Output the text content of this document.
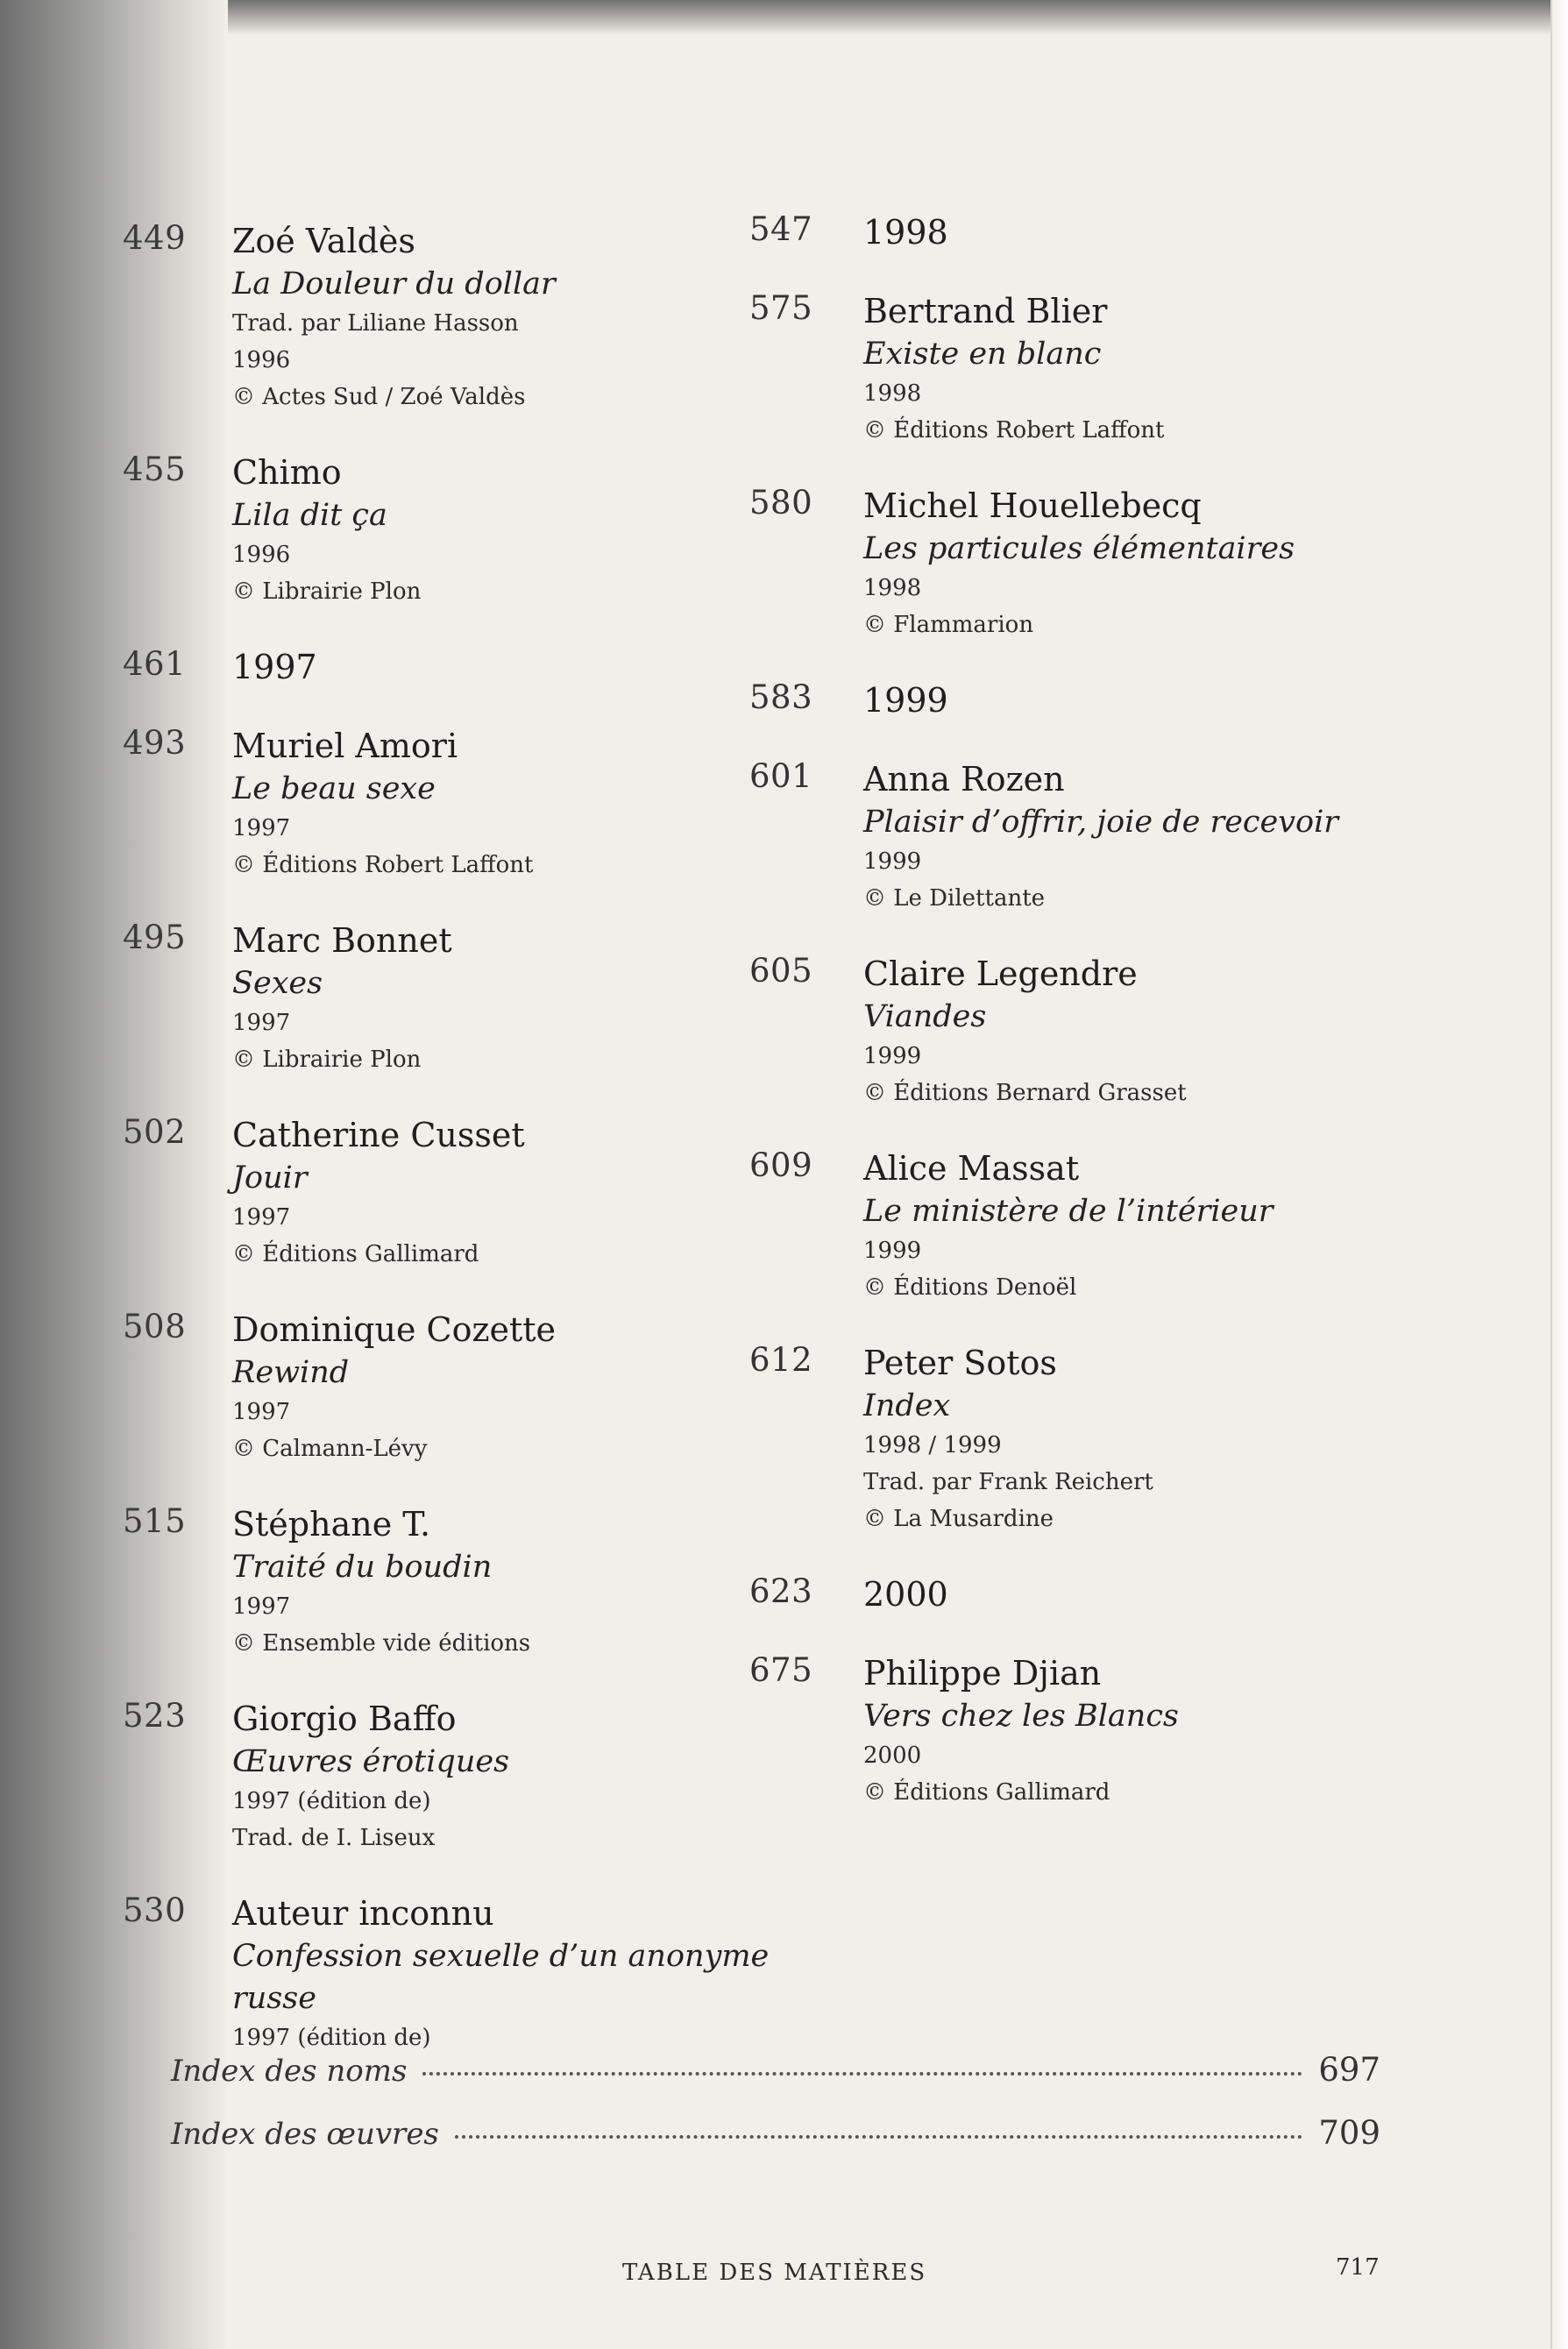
449	Zoé Valdès
La Douleur du dollar
Trad. par Liliane Hasson
1996
© Actes Sud / Zoé Valdès
455	Chimo
Lila dit ça
1996
© Librairie Plon
461	1997
493	Muriel Amori
Le beau sexe
1997
© Éditions Robert Laffont
495	Marc Bonnet
Sexes
1997
© Librairie Plon
502	Catherine Cusset
Jouir
1997
© Éditions Gallimard
508	Dominique Cozette
Rewind
1997
© Calmann-Lévy
515	Stéphane T.
Traité du boudin
1997
© Ensemble vide éditions
523	Giorgio Baffo
Œuvres érotiques
1997 (édition de)
Trad. de I. Liseux
530	Auteur inconnu
Confession sexuelle d’un anonyme russe
1997 (édition de)
547	1998
575	Bertrand Blier
Existe en blanc
1998
© Éditions Robert Laffont
580	Michel Houellebecq
Les particules élémentaires
1998
© Flammarion
583	1999
601	Anna Rozen
Plaisir d’offrir, joie de recevoir
1999
© Le Dilettante
605	Claire Legendre
Viandes
1999
© Éditions Bernard Grasset
609	Alice Massat
Le ministère de l’intérieur
1999
© Éditions Denoël
612	Peter Sotos
Index
1998 / 1999
Trad. par Frank Reichert
© La Musardine
623	2000
675	Philippe Djian
Vers chez les Blancs
2000
© Éditions Gallimard
Index des noms	697
Index des œuvres	709
TABLE DES MATIÈRES	717
